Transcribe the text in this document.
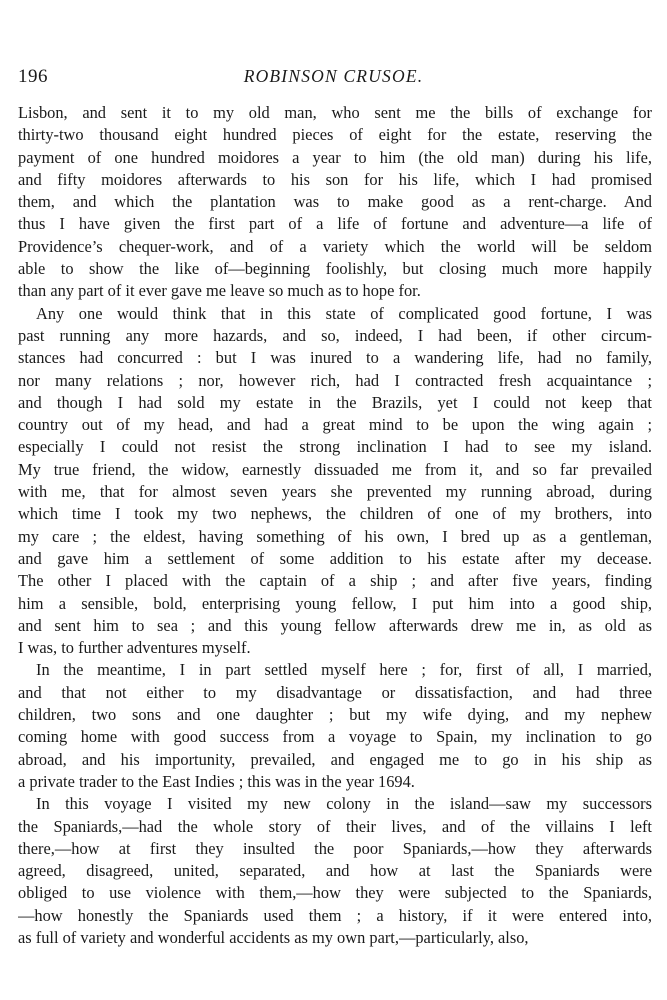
196	ROBINSON CRUSOE.
Lisbon, and sent it to my old man, who sent me the bills of exchange for
thirty-two thousand eight hundred pieces of eight for the estate, reserving the
payment of one hundred moidores a year to him (the old man) during his life,
and fifty moidores afterwards to his son for his life, which I had promised
them, and which the plantation was to make good as a rent-charge. And
thus I have given the first part of a life of fortune and adventure—a life of
Providence’s chequer-work, and of a variety which the world will be seldom
able to show the like of—beginning foolishly, but closing much more happily
than any part of it ever gave me leave so much as to hope for.
Any one would think that in this state of complicated good fortune, I was
past running any more hazards, and so, indeed, I had been, if other circum-
stances had concurred : but I was inured to a wandering life, had no family,
nor many relations ; nor, however rich, had I contracted fresh acquaintance ;
and though I had sold my estate in the Brazils, yet I could not keep that
country out of my head, and had a great mind to be upon the wing again ;
especially I could not resist the strong inclination I had to see my island.
My true friend, the widow, earnestly dissuaded me from it, and so far prevailed
with me, that for almost seven years she prevented my running abroad, during
which time I took my two nephews, the children of one of my brothers, into
my care ; the eldest, having something of his own, I bred up as a gentleman,
and gave him a settlement of some addition to his estate after my decease.
The other I placed with the captain of a ship ; and after five years, finding
him a sensible, bold, enterprising young fellow, I put him into a good ship,
and sent him to sea ; and this young fellow afterwards drew me in, as old as
I was, to further adventures myself.
In the meantime, I in part settled myself here ; for, first of all, I married,
and that not either to my disadvantage or dissatisfaction, and had three
children, two sons and one daughter ; but my wife dying, and my nephew
coming home with good success from a voyage to Spain, my inclination to go
abroad, and his importunity, prevailed, and engaged me to go in his ship as
a private trader to the East Indies ; this was in the year 1694.
In this voyage I visited my new colony in the island—saw my successors
the Spaniards,—had the whole story of their lives, and of the villains I left
there,—how at first they insulted the poor Spaniards,—how they afterwards
agreed, disagreed, united, separated, and how at last the Spaniards were
obliged to use violence with them,—how they were subjected to the Spaniards,
—how honestly the Spaniards used them ; a history, if it were entered into,
as full of variety and wonderful accidents as my own part,—particularly, also,
